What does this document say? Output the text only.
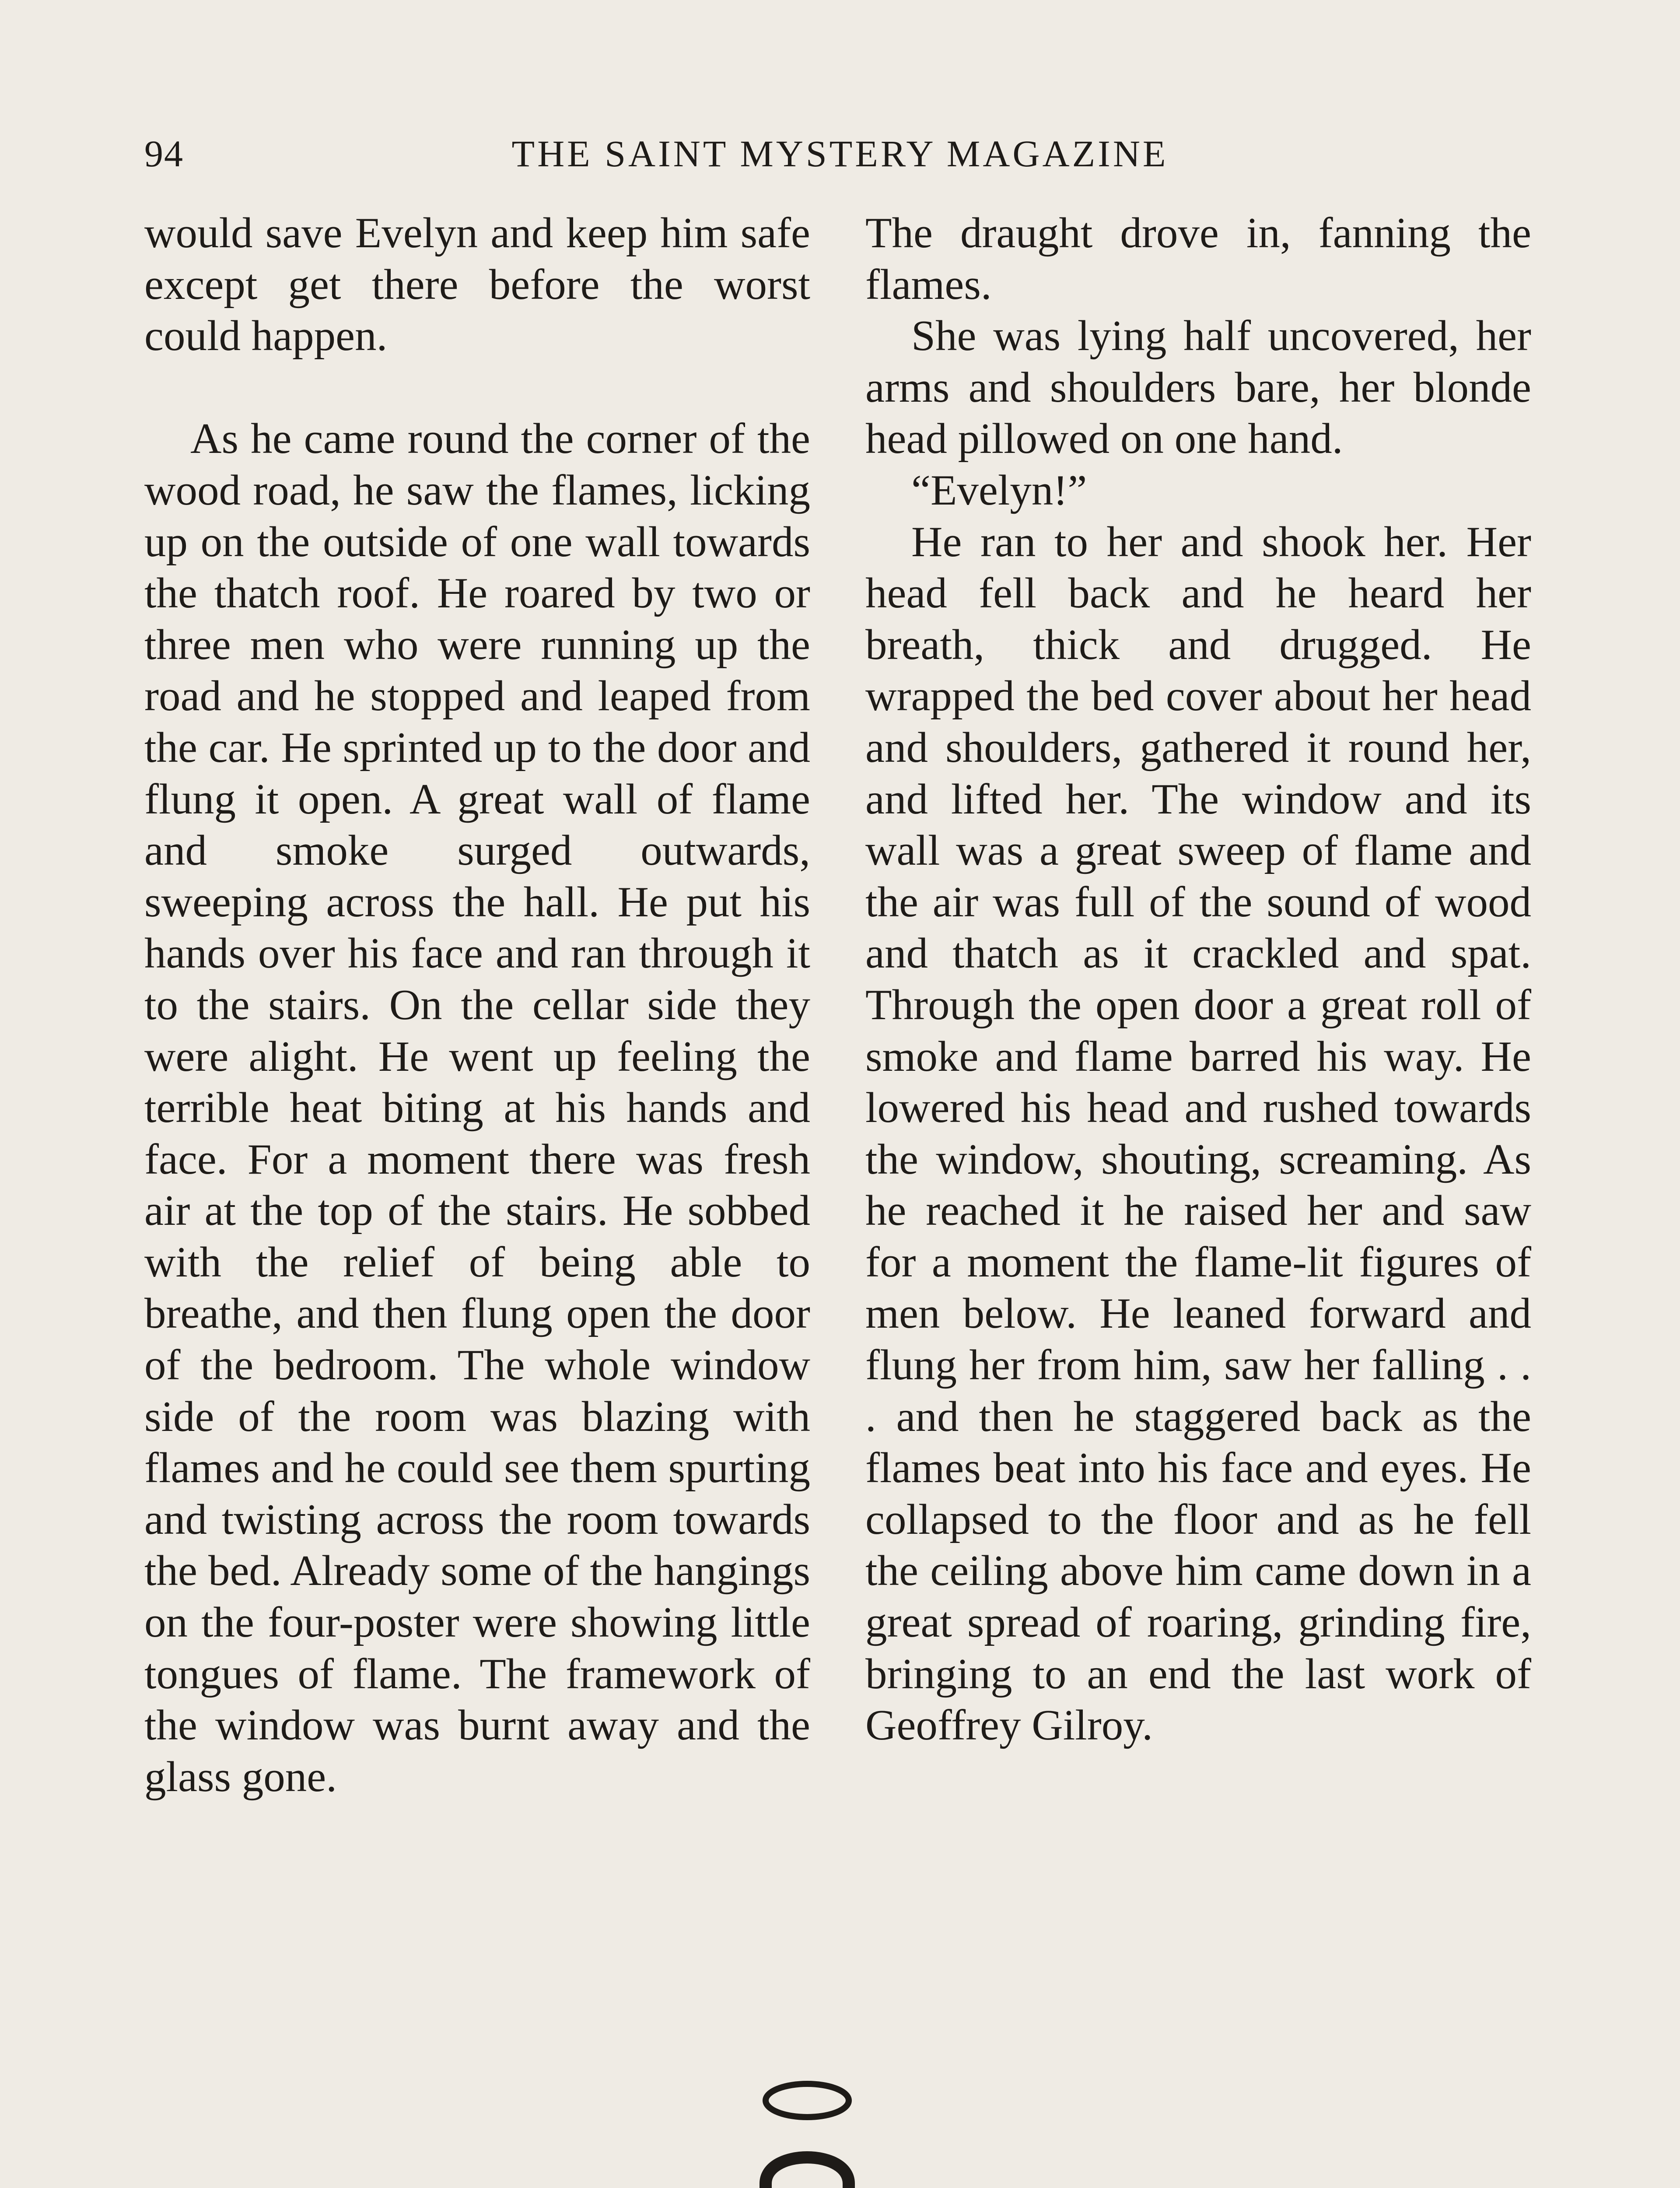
94	THE SAINT MYSTERY MAGAZINE

would save Evelyn and keep him safe except get there before the worst could happen.

As he came round the corner of the wood road, he saw the flames, licking up on the outside of one wall towards the thatch roof. He roared by two or three men who were running up the road and he stopped and leaped from the car. He sprinted up to the door and flung it open. A great wall of flame and smoke surged outwards, sweeping across the hall. He put his hands over his face and ran through it to the stairs. On the cellar side they were alight. He went up feeling the terrible heat biting at his hands and face. For a moment there was fresh air at the top of the stairs. He sobbed with the relief of being able to breathe, and then flung open the door of the bedroom. The whole window side of the room was blazing with flames and he could see them spurting and twisting across the room towards the bed. Already some of the hangings on the four-poster were showing little tongues of flame. The framework of the window was burnt away and the glass gone.

The draught drove in, fanning the flames.

She was lying half uncovered, her arms and shoulders bare, her blonde head pillowed on one hand.

“Evelyn!”

He ran to her and shook her. Her head fell back and he heard her breath, thick and drugged. He wrapped the bed cover about her head and shoulders, gathered it round her, and lifted her. The window and its wall was a great sweep of flame and the air was full of the sound of wood and thatch as it crackled and spat. Through the open door a great roll of smoke and flame barred his way. He lowered his head and rushed towards the window, shouting, screaming. As he reached it he raised her and saw for a moment the flame-lit figures of men below. He leaned forward and flung her from him, saw her falling . . . and then he staggered back as the flames beat into his face and eyes. He collapsed to the floor and as he fell the ceiling above him came down in a great spread of roaring, grinding fire, bringing to an end the last work of Geoffrey Gilroy.
